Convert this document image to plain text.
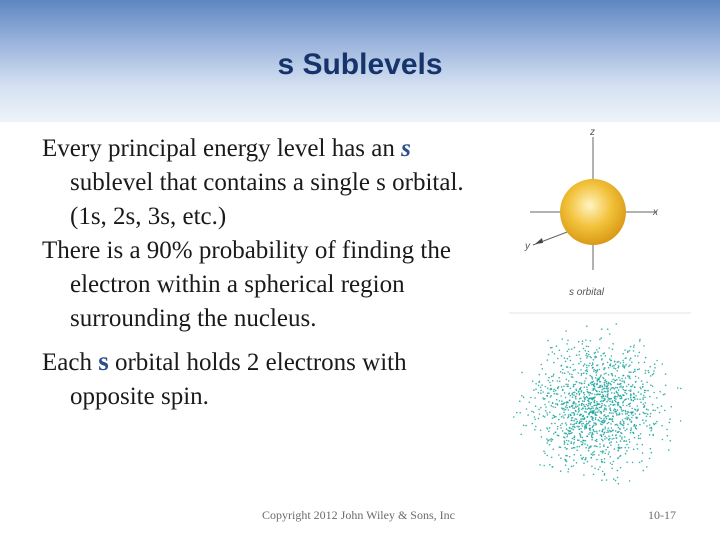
s Sublevels

Every principal energy level has an s sublevel that contains a single s orbital. (1s, 2s, 3s, etc.)

There is a 90% probability of finding the electron within a spherical region surrounding the nucleus.

Each s orbital holds 2 electrons with opposite spin.

z
x
y
s orbital
Copyright 2012 John Wiley & Sons, Inc	10-17
